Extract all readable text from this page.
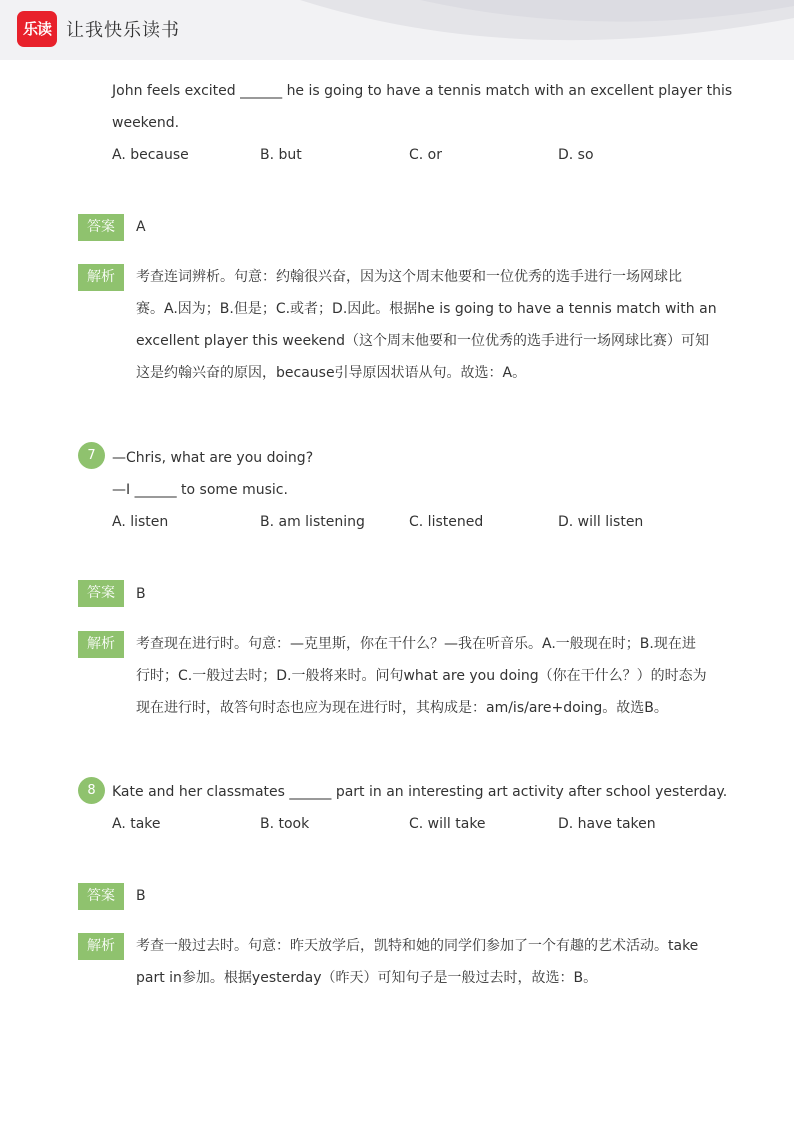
乐读 让我快乐读书
John feels excited ______ he is going to have a tennis match with an excellent player this
weekend.
A. because	B. but	C. or	D. so
答案	A
解析	考查连词辨析。句意：约翰很兴奋，因为这个周末他要和一位优秀的选手进行一场网球比
赛。A.因为；B.但是；C.或者；D.因此。根据he is going to have a tennis match with an
excellent player this weekend（这个周末他要和一位优秀的选手进行一场网球比赛）可知
这是约翰兴奋的原因，because引导原因状语从句。故选：A。
7	—Chris, what are you doing?
—I ______ to some music.
A. listen	B. am listening	C. listened	D. will listen
答案	B
解析	考查现在进行时。句意：—克里斯，你在干什么？—我在听音乐。A.一般现在时；B.现在进
行时；C.一般过去时；D.一般将来时。问句what are you doing（你在干什么？）的时态为
现在进行时，故答句时态也应为现在进行时，其构成是：am/is/are+doing。故选B。
8	Kate and her classmates ______ part in an interesting art activity after school yesterday.
A. take	B. took	C. will take	D. have taken
答案	B
解析	考查一般过去时。句意：昨天放学后，凯特和她的同学们参加了一个有趣的艺术活动。take
part in参加。根据yesterday（昨天）可知句子是一般过去时，故选：B。
